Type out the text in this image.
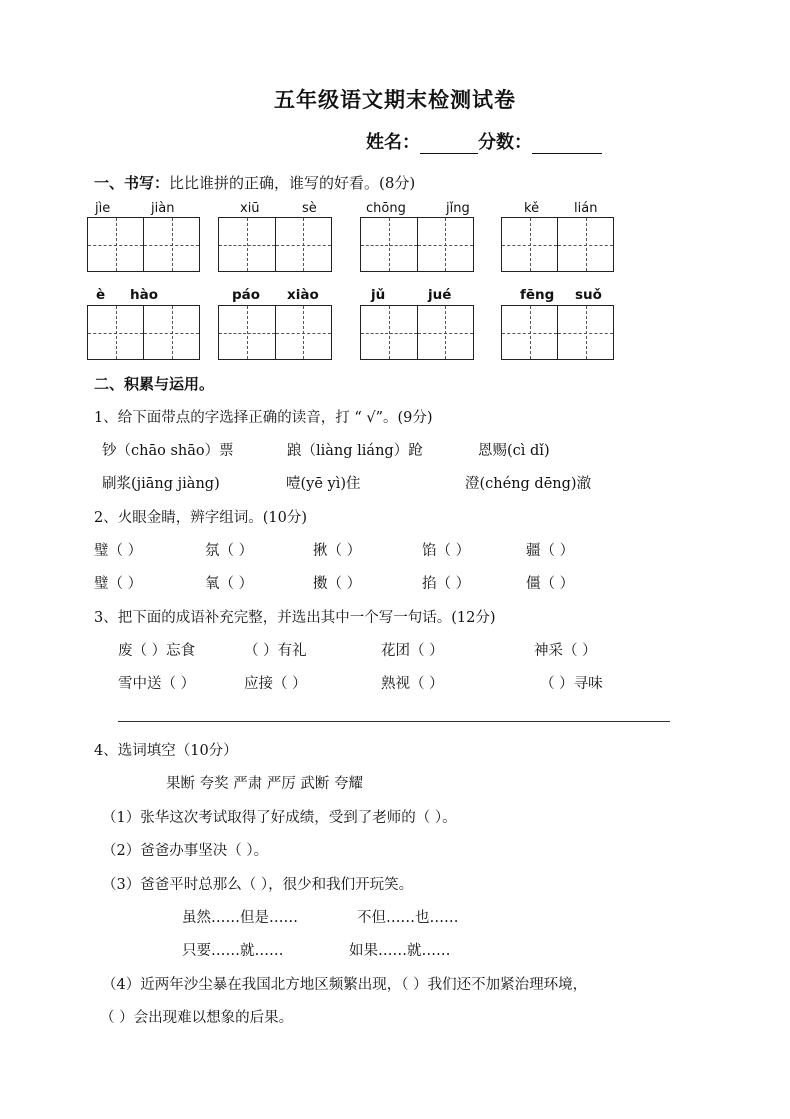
五年级语文期末检测试卷
姓名：	分数：
一、书写：比比谁拼的正确，谁写的好看。(8分)
jìe	jiàn	xiū	sè	chōng	jǐng	kě	lián
è hào	páo xiào	jǔ	jué	fēng suǒ
二、积累与运用。
1、给下面带点的字选择正确的读音，打 “ √”。(9分)
钞（chāo shāo）票	踉（liàng liáng）跄	恩赐(cì dǐ)
刷浆(jiāng jiàng)	噎(yē yì)住	澄(chéng dēng)澈
2、火眼金睛，辨字组词。(10分)
璧（ ）	氛（ ）	揪（ ）	馅（ ）	疆（ ）
璧（ ）	氧（ ）	擞（ ）	掐（ ）	僵（ ）
3、把下面的成语补充完整，并选出其中一个写一句话。(12分)
废（ ）忘食	（ ）有礼	花团（ ）	神采（ ）
雪中送（ ）	应接（ ）	熟视（ ）	（ ）寻味
4、选词填空（10分）
果断 夸奖 严肃 严厉 武断 夸耀
（1）张华这次考试取得了好成绩，受到了老师的（ ）。
（2）爸爸办事坚决（ ）。
（3）爸爸平时总那么（ ），很少和我们开玩笑。
虽然……但是……	不但……也……
只要……就……	如果……就……
（4）近两年沙尘暴在我国北方地区频繁出现，（ ）我们还不加紧治理环境，
（ ）会出现难以想象的后果。
